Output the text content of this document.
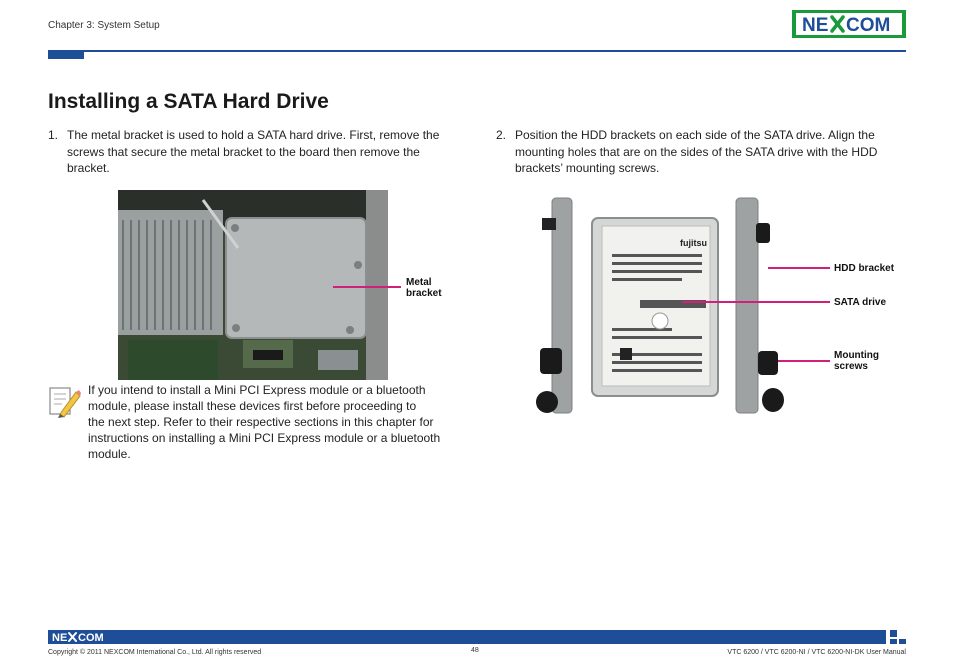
Chapter 3: System Setup	NE COM
Installing a SATA Hard Drive
1. The metal bracket is used to hold a SATA hard drive. First, remove the
screws that secure the metal bracket to the board then remove the
bracket.
2. Position the HDD brackets on each side of the SATA drive. Align the
mounting holes that are on the sides of the SATA drive with the HDD
brackets’ mounting screws.
Metal
bracket
fujitsu
HDD bracket
SATA drive
Mounting
screws
If you intend to install a Mini PCI Express module or a bluetooth
module, please install these devices first before proceeding to
the next step. Refer to their respective sections in this chapter for
instructions on installing a Mini PCI Express module or a bluetooth
module.
NE COM
Copyright © 2011 NEXCOM International Co., Ltd. All rights reserved	48	VTC 6200 / VTC 6200-NI / VTC 6200-NI-DK User Manual
